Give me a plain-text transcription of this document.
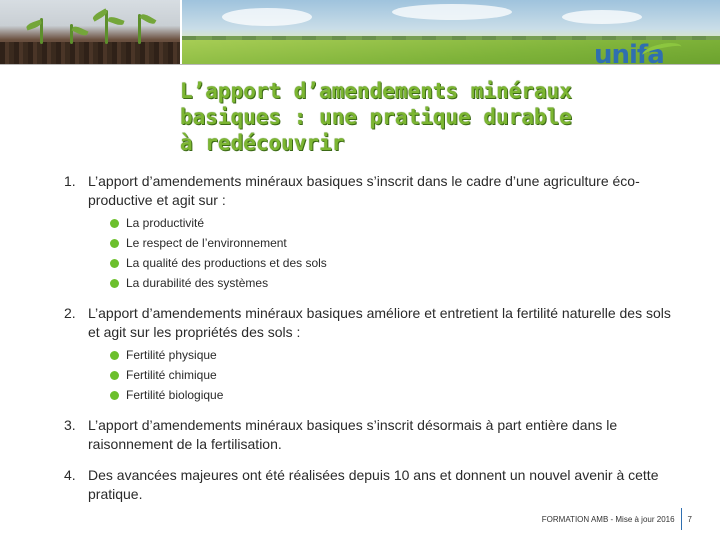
unifa
L’apport d’amendements minéraux
basiques : une pratique durable
à redécouvrir
1. L’apport d’amendements minéraux basiques s’inscrit dans le cadre d’une agriculture éco-productive et agit sur :
La productivité
Le respect de l’environnement
La qualité des productions et des sols
La durabilité des systèmes
2. L’apport d’amendements minéraux basiques améliore et entretient la fertilité naturelle des sols et agit sur les propriétés des sols :
Fertilité physique
Fertilité chimique
Fertilité biologique
3. L’apport d’amendements minéraux basiques s’inscrit désormais à part entière dans le raisonnement de la fertilisation.
4. Des avancées majeures ont été réalisées depuis 10 ans et donnent un nouvel avenir à cette pratique.
FORMATION AMB - Mise à jour 2016 7
